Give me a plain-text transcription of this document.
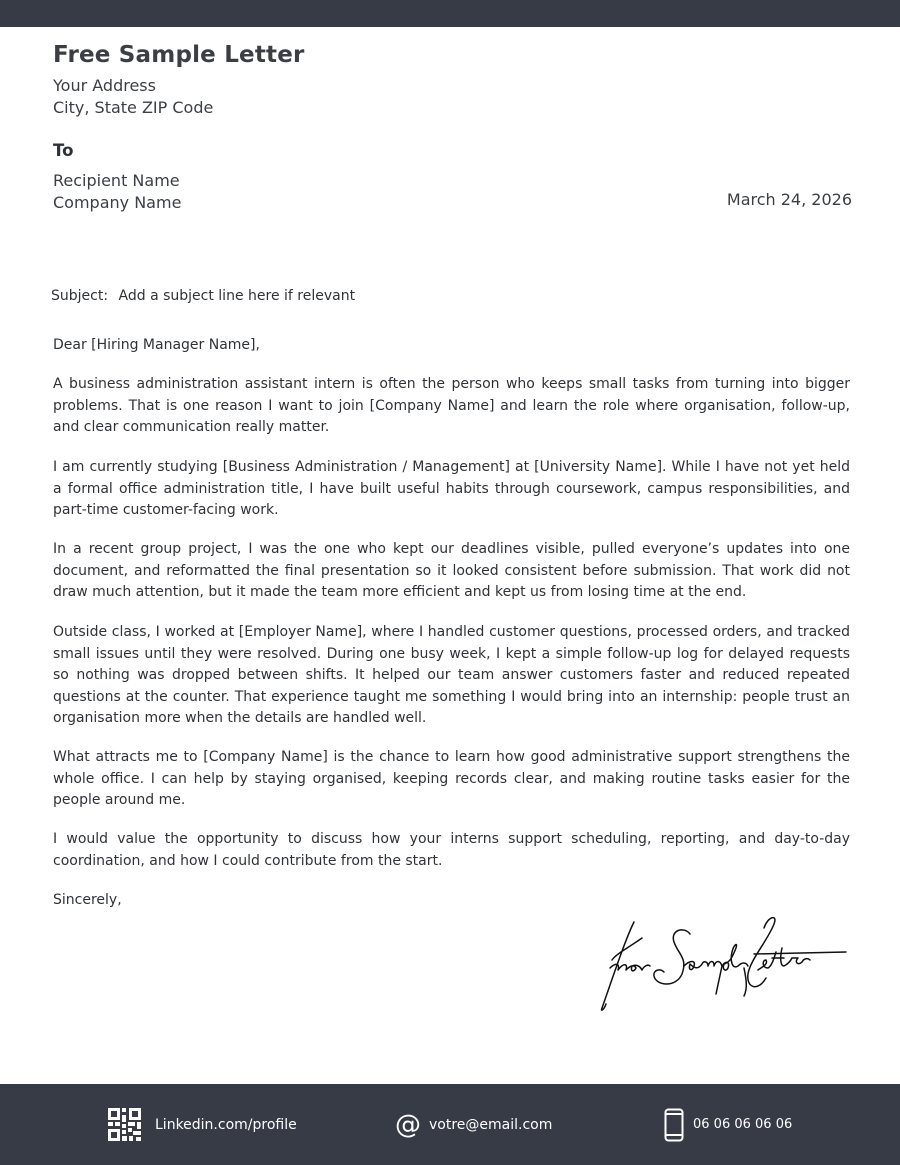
Free Sample Letter
Your Address
City, State ZIP Code
To
Recipient Name
Company Name	March 24, 2026
Subject: Add a subject line here if relevant
Dear [Hiring Manager Name],

A business administration assistant intern is often the person who keeps small tasks from turning into bigger problems. That is one reason I want to join [Company Name] and learn the role where organisation, follow-up, and clear communication really matter.

I am currently studying [Business Administration / Management] at [University Name]. While I have not yet held a formal office administration title, I have built useful habits through coursework, campus responsibilities, and part-time customer-facing work.

In a recent group project, I was the one who kept our deadlines visible, pulled everyone’s updates into one document, and reformatted the final presentation so it looked consistent before submission. That work did not draw much attention, but it made the team more efficient and kept us from losing time at the end.

Outside class, I worked at [Employer Name], where I handled customer questions, processed orders, and tracked small issues until they were resolved. During one busy week, I kept a simple follow-up log for delayed requests so nothing was dropped between shifts. It helped our team answer customers faster and reduced repeated questions at the counter. That experience taught me something I would bring into an internship: people trust an organisation more when the details are handled well.

What attracts me to [Company Name] is the chance to learn how good administrative support strengthens the whole office. I can help by staying organised, keeping records clear, and making routine tasks easier for the people around me.

I would value the opportunity to discuss how your interns support scheduling, reporting, and day-to-day coordination, and how I could contribute from the start.

Sincerely,
Linkedin.com/profile	@ votre@email.com	06 06 06 06 06
